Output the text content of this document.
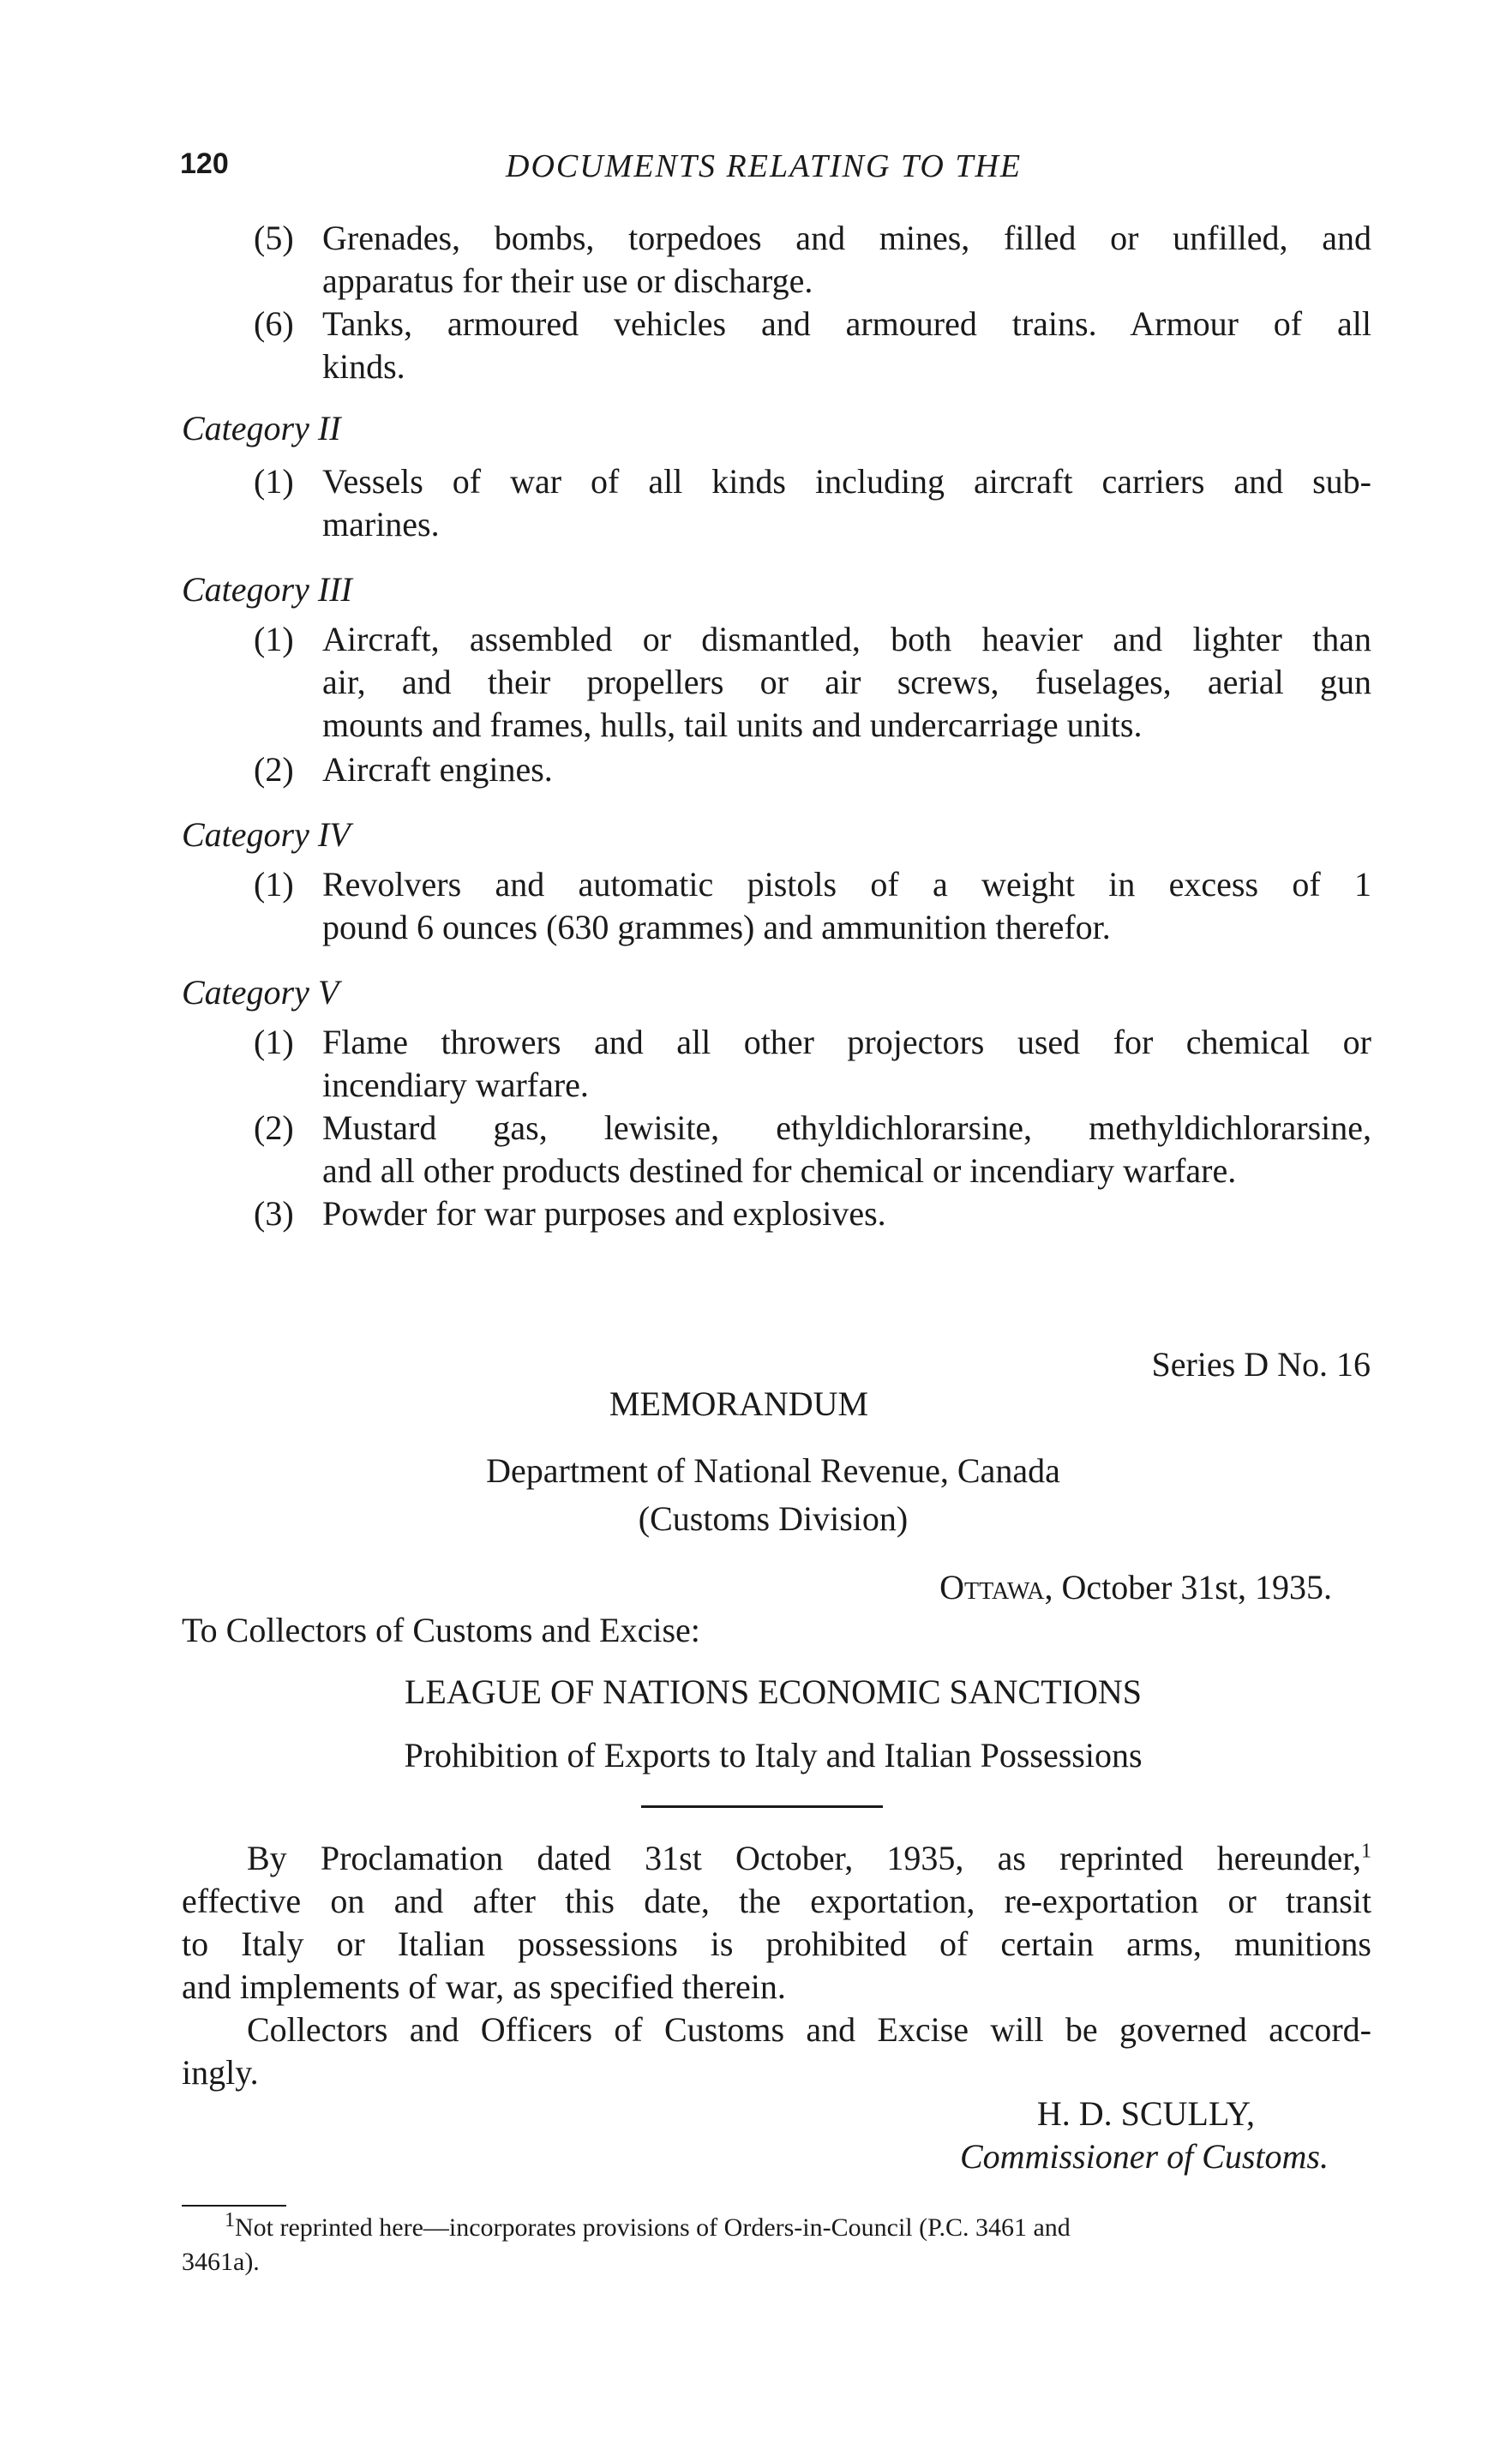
120	DOCUMENTS RELATING TO THE
(5) Grenades, bombs, torpedoes and mines, filled or unfilled, and
apparatus for their use or discharge.
(6) Tanks, armoured vehicles and armoured trains. Armour of all
kinds.
Category II
(1) Vessels of war of all kinds including aircraft carriers and sub-
marines.
Category III
(1) Aircraft, assembled or dismantled, both heavier and lighter than
air, and their propellers or air screws, fuselages, aerial gun
mounts and frames, hulls, tail units and undercarriage units.
(2) Aircraft engines.
Category IV
(1) Revolvers and automatic pistols of a weight in excess of 1
pound 6 ounces (630 grammes) and ammunition therefor.
Category V
(1) Flame throwers and all other projectors used for chemical or
incendiary warfare.
(2) Mustard gas, lewisite, ethyldichlorarsine, methyldichlorarsine,
and all other products destined for chemical or incendiary warfare.
(3) Powder for war purposes and explosives.
Series D No. 16
MEMORANDUM
Department of National Revenue, Canada
(Customs Division)
Ottawa, October 31st, 1935.
To Collectors of Customs and Excise:
LEAGUE OF NATIONS ECONOMIC SANCTIONS
Prohibition of Exports to Italy and Italian Possessions
By Proclamation dated 31st October, 1935, as reprinted hereunder,$^1$
effective on and after this date, the exportation, re-exportation or transit
to Italy or Italian possessions is prohibited of certain arms, munitions
and implements of war, as specified therein.
Collectors and Officers of Customs and Excise will be governed accord-
ingly.
H. D. SCULLY,
Commissioner of Customs.
$^1$Not reprinted here—incorporates provisions of Orders-in-Council (P.C. 3461 and
3461a).
